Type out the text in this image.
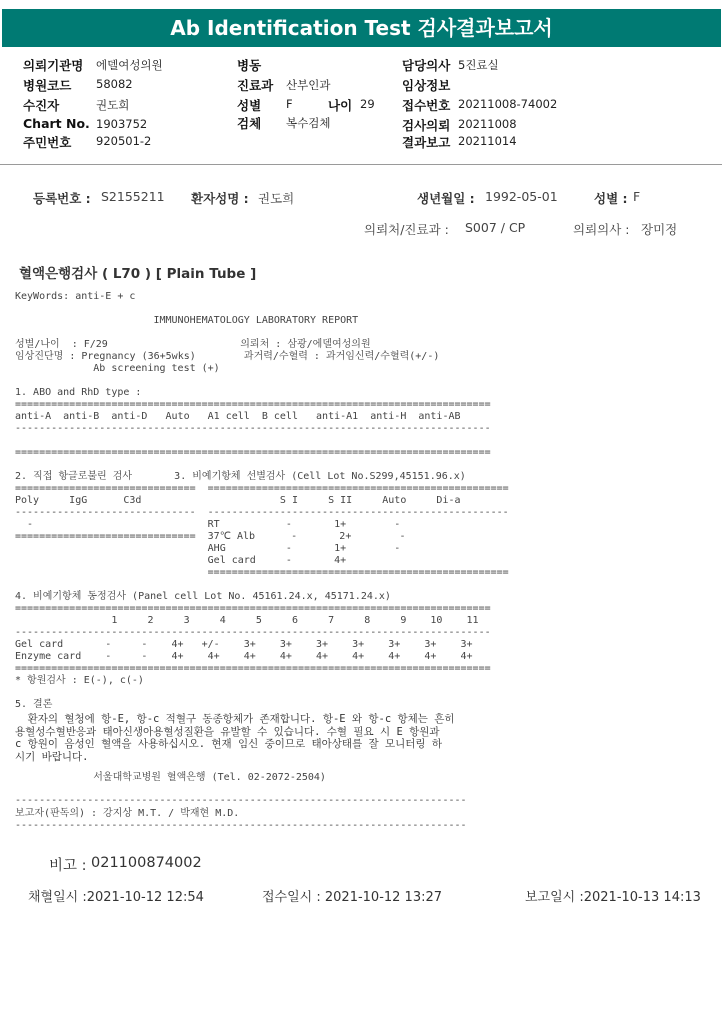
Ab Identification Test 검사결과보고서
의뢰기관명 에델여성의원
병원코드 58082
수진자	권도희
Chart No. 1903752
주민번호 920501-2
병동
진료과 산부인과
성별 F	나이 29
검체 복수검체
담당의사 5진료실
임상정보
접수번호 20211008-74002
검사의뢰 20211008
결과보고 20211014
등록번호 : S2155211 환자성명 : 권도희	생년월일 : 1992-05-01	성별 : F
의뢰처/진료과 : S007 / CP	의뢰의사 : 장미정
혈액은행검사 ( L70 ) [ Plain Tube ]
KeyWords: anti-E + c

IMMUNOHEMATOLOGY LABORATORY REPORT

성별/나이  : F/29                      의뢰처 : 삼광/에델여성의원
임상진단명 : Pregnancy (36+5wks)        과거력/수혈력 : 과거임신력/수혈력(+/-)
Ab screening test (+)

1. ABO and RhD type :
===============================================================================
anti-A  anti-B  anti-D   Auto   A1 cell  B cell   anti-A1  anti-H  anti-AB
-------------------------------------------------------------------------------

===============================================================================

2. 직접 항글로불린 검사       3. 비예기항체 선별검사 (Cell Lot No.S299,45151.96.x)
==============================  ==================================================
Poly     IgG      C3d                       S I     S II     Auto     Di-a
------------------------------  --------------------------------------------------
-                             RT           -       1+        -
==============================  37℃ Alb      -       2+        -
AHG          -       1+        -
Gel card     -       4+
==================================================

4. 비예기항체 동정검사 (Panel cell Lot No. 45161.24.x, 45171.24.x)
===============================================================================
1     2     3     4     5     6     7     8     9    10    11
-------------------------------------------------------------------------------
Gel card       -     -    4+   +/-    3+    3+    3+    3+    3+    3+    3+
Enzyme card    -     -    4+    4+    4+    4+    4+    4+    4+    4+    4+
===============================================================================
* 항원검사 : E(-), c(-)

5. 결론
환자의 혈청에 항-E, 항-c 적혈구 동종항체가 존재합니다. 항-E 와 항-c 항체는 흔히
용혈성수혈반응과 태아신생아용혈성질환을 유발할 수 있습니다. 수혈 필요 시 E 항원과
c 항원이 음성인 혈액을 사용하십시오. 현재 임신 중이므로 태아상태를 잘 모니터링 하
시기 바랍니다.
서울대학교병원 혈액은행 (Tel. 02-2072-2504)
---------------------------------------------------------------------------
보고자(판독의) : 강지상 M.T. / 박재현 M.D.
---------------------------------------------------------------------------
비고 : 021100874002
채혈일시 :2021-10-12 12:54	접수일시 : 2021-10-12 13:27	보고일시 :2021-10-13 14:13
